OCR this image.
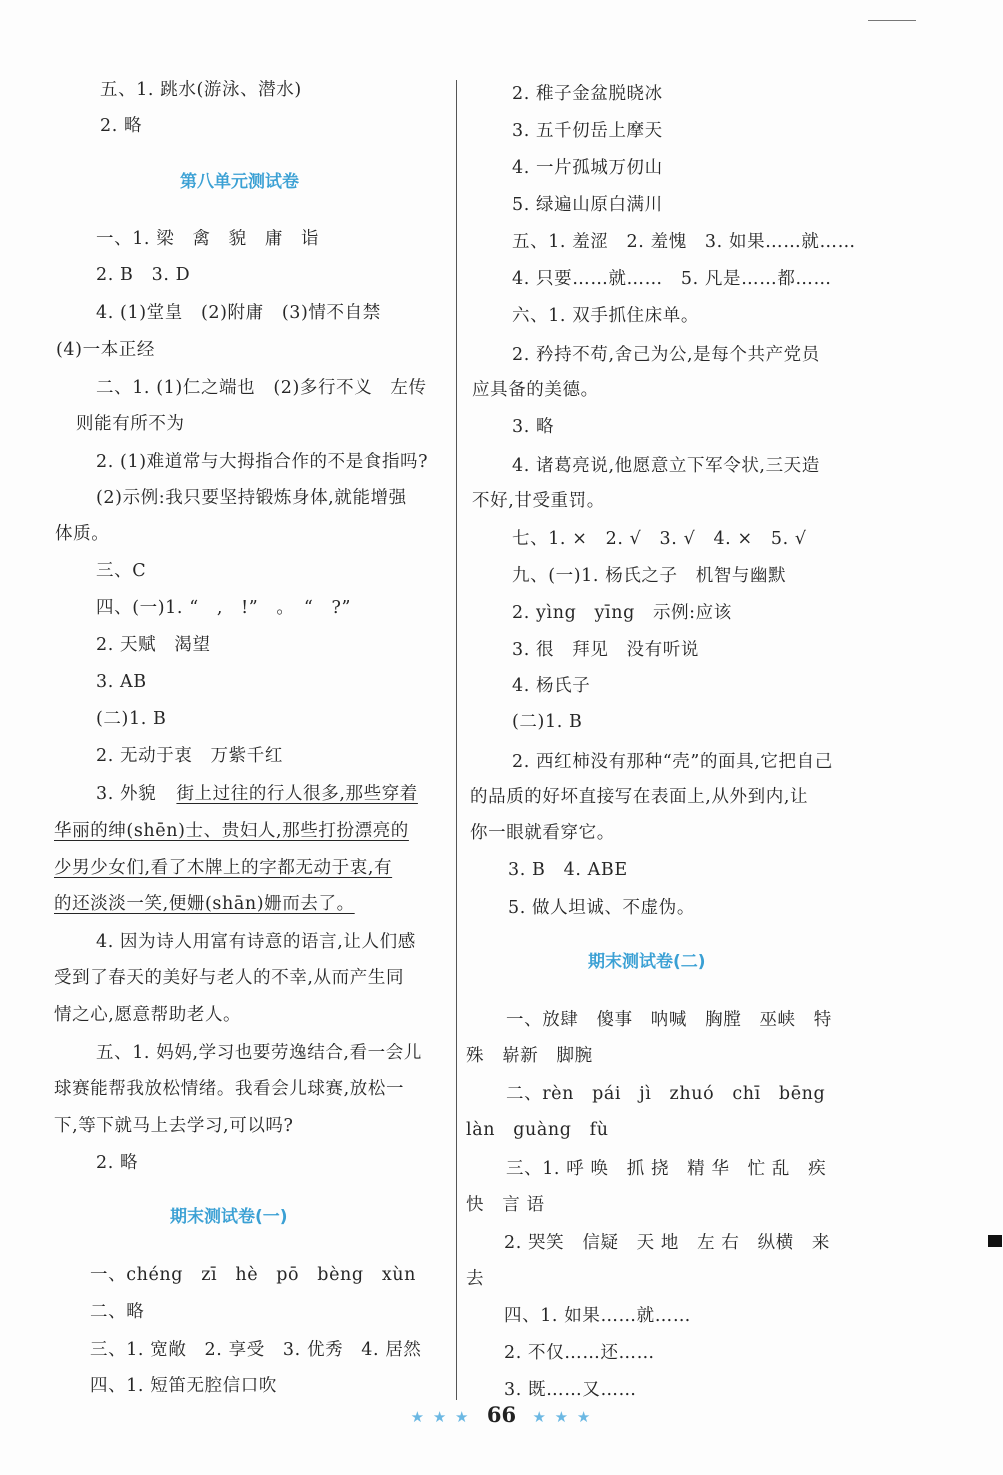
五、1. 跳水(游泳、潜水)
2. 略
第八单元测试卷
一、1. 梁　禽　貌　庸　诣
2. B　3. D
4. (1)堂皇　(2)附庸　(3)情不自禁
(4)一本正经
二、1. (1)仁之端也　(2)多行不义　左传
则能有所不为
2. (1)难道常与大拇指合作的不是食指吗?
(2)示例:我只要坚持锻炼身体,就能增强
体质。
三、C
四、(一)1. “　,　!”　。　“　?”
2. 天赋　渴望
3. AB
(二)1. B
2. 无动于衷　万紫千红
3. 外貌 街上过往的行人很多,那些穿着
华丽的绅(shēn)士、贵妇人,那些打扮漂亮的
少男少女们,看了木牌上的字都无动于衷,有
的还淡淡一笑,便姗(shān)姗而去了。
4. 因为诗人用富有诗意的语言,让人们感
受到了春天的美好与老人的不幸,从而产生同
情之心,愿意帮助老人。
五、1. 妈妈,学习也要劳逸结合,看一会儿
球赛能帮我放松情绪。我看会儿球赛,放松一
下,等下就马上去学习,可以吗?
2. 略
期末测试卷(一)
一、chéng　zī　hè　pō　bèng　xùn
二、略
三、1. 宽敞　2. 享受　3. 优秀　4. 居然
四、1. 短笛无腔信口吹
2. 稚子金盆脱晓冰
3. 五千仞岳上摩天
4. 一片孤城万仞山
5. 绿遍山原白满川
五、1. 羞涩　2. 羞愧　3. 如果……就……
4. 只要……就……　5. 凡是……都……
六、1. 双手抓住床单。
2. 矜持不苟,舍己为公,是每个共产党员
应具备的美德。
3. 略
4. 诸葛亮说,他愿意立下军令状,三天造
不好,甘受重罚。
七、1. ×　2. √　3. √　4. ×　5. √
九、(一)1. 杨氏之子　机智与幽默
2. yìng　yīng　示例:应该
3. 很　拜见　没有听说
4. 杨氏子
(二)1. B
2. 西红柿没有那种“壳”的面具,它把自己
的品质的好坏直接写在表面上,从外到内,让
你一眼就看穿它。
3. B　4. ABE
5. 做人坦诚、不虚伪。
期末测试卷(二)
一、放肆　傻事　呐喊　胸膛　巫峡　特
殊　崭新　脚腕
二、rèn　pái　jì　zhuó　chī　bēng
làn　guàng　fù
三、1. 呼 唤　抓 挠　精 华　忙 乱　疾
快　言 语
2. 哭笑　信疑　天 地　左 右　纵横　来
去
四、1. 如果……就……
2. 不仅……还……
3. 既……又……
★ ★ ★ 66 ★ ★ ★
